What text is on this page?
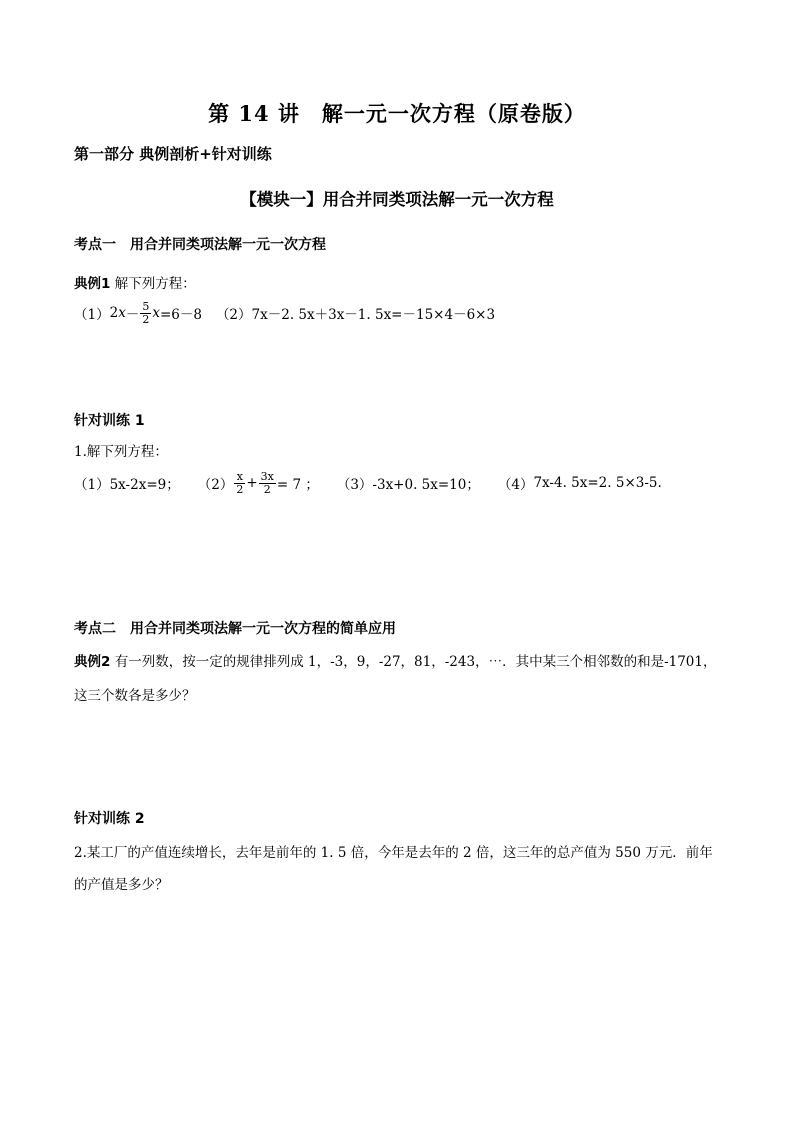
第 14 讲　解一元一次方程（原卷版）
第一部分 典例剖析+针对训练
【模块一】用合并同类项法解一元一次方程
考点一　用合并同类项法解一元一次方程
典例1 解下列方程：
（1） 2 $x - \frac{5}{2}$ x =6－8 （2） 7x－2. 5x＋3x－1. 5x=－15×4－6×3
针对训练 1
1.解下列方程：
（1） 5x-2x=9； $(2) \frac{x}{2} + \frac{3x}{2} = 7$ ； （3） -3x+0. 5x=10； （4） 7x-4. 5x=2. 5×3-5.
考点二　用合并同类项法解一元一次方程的简单应用
典例2 有一列数，按一定的规律排列成 1，-3，9，-27，81，-243，⋯．其中某三个相邻数的和是-1701，
这三个数各是多少？
针对训练 2
2.某工厂的产值连续增长，去年是前年的 1. 5 倍，今年是去年的 2 倍，这三年的总产值为 550 万元．前年
的产值是多少？
